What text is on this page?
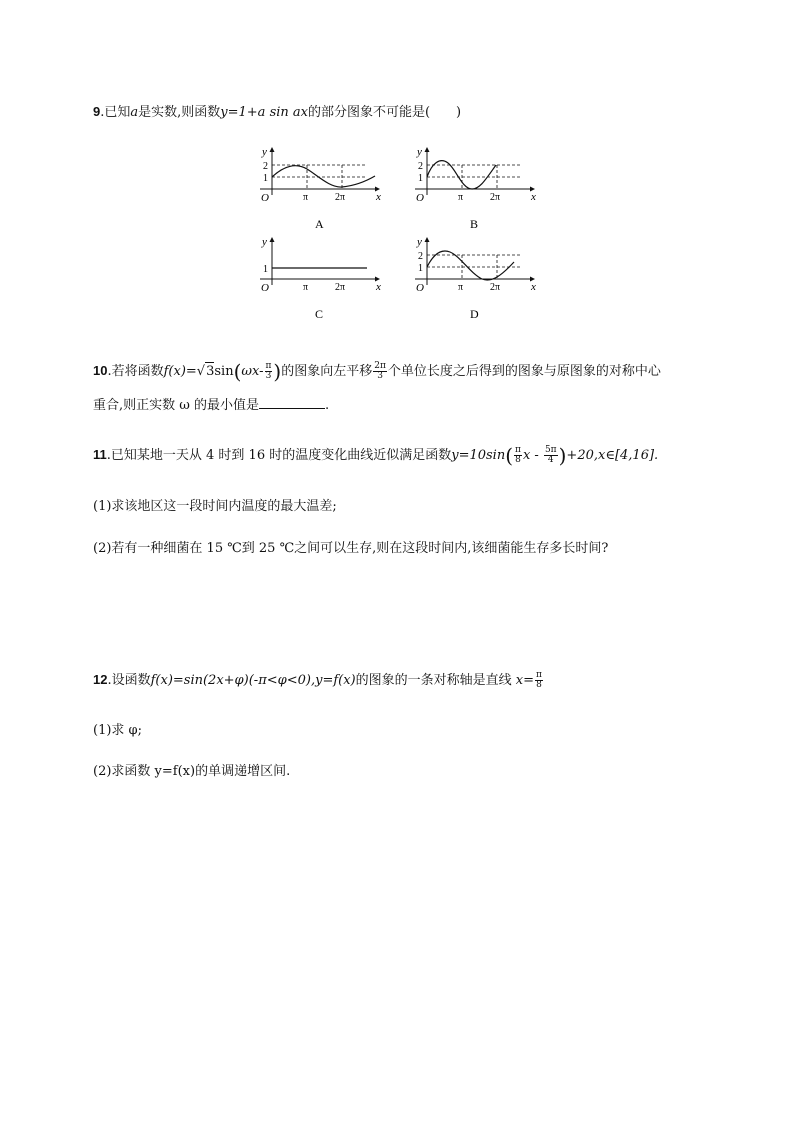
9.已知a是实数,则函数y=1+a sin ax的部分图象不可能是(　　)
y
2
1
O	π	2π	x
A
y
2
1
O	π	2π	x
B
y
1
O	π	2π	x
C
y
2
1
O	π	2π	x
D
10.若将函数$f(x)=√3\sin(\omega x- \frac{\pi}{3}$ )的图象向左平移 $\frac{2\pi}{3}$ 个单位长度之后得到的图象与原图象的对称中心
重合,则正实数 ω 的最小值是	.
11.已知某地一天从 4 时到 16 时的温度变化曲线近似满足函数$y=10\sin( \frac{\pi}{8}$ x - $\frac{5\pi}{4}$ )+20,x∈[4,16].
(1)求该地区这一段时间内温度的最大温差;
(2)若有一种细菌在 15 ℃到 25 ℃之间可以生存,则在这段时间内,该细菌能生存多长时间?
12.设函数f(x)=sin(2x+φ)(-π<φ<0),y=f(x)的图象的一条对称轴是直线 $x= \frac{\pi}{8}$
(1)求 φ;
(2)求函数 y=f(x)的单调递增区间.
